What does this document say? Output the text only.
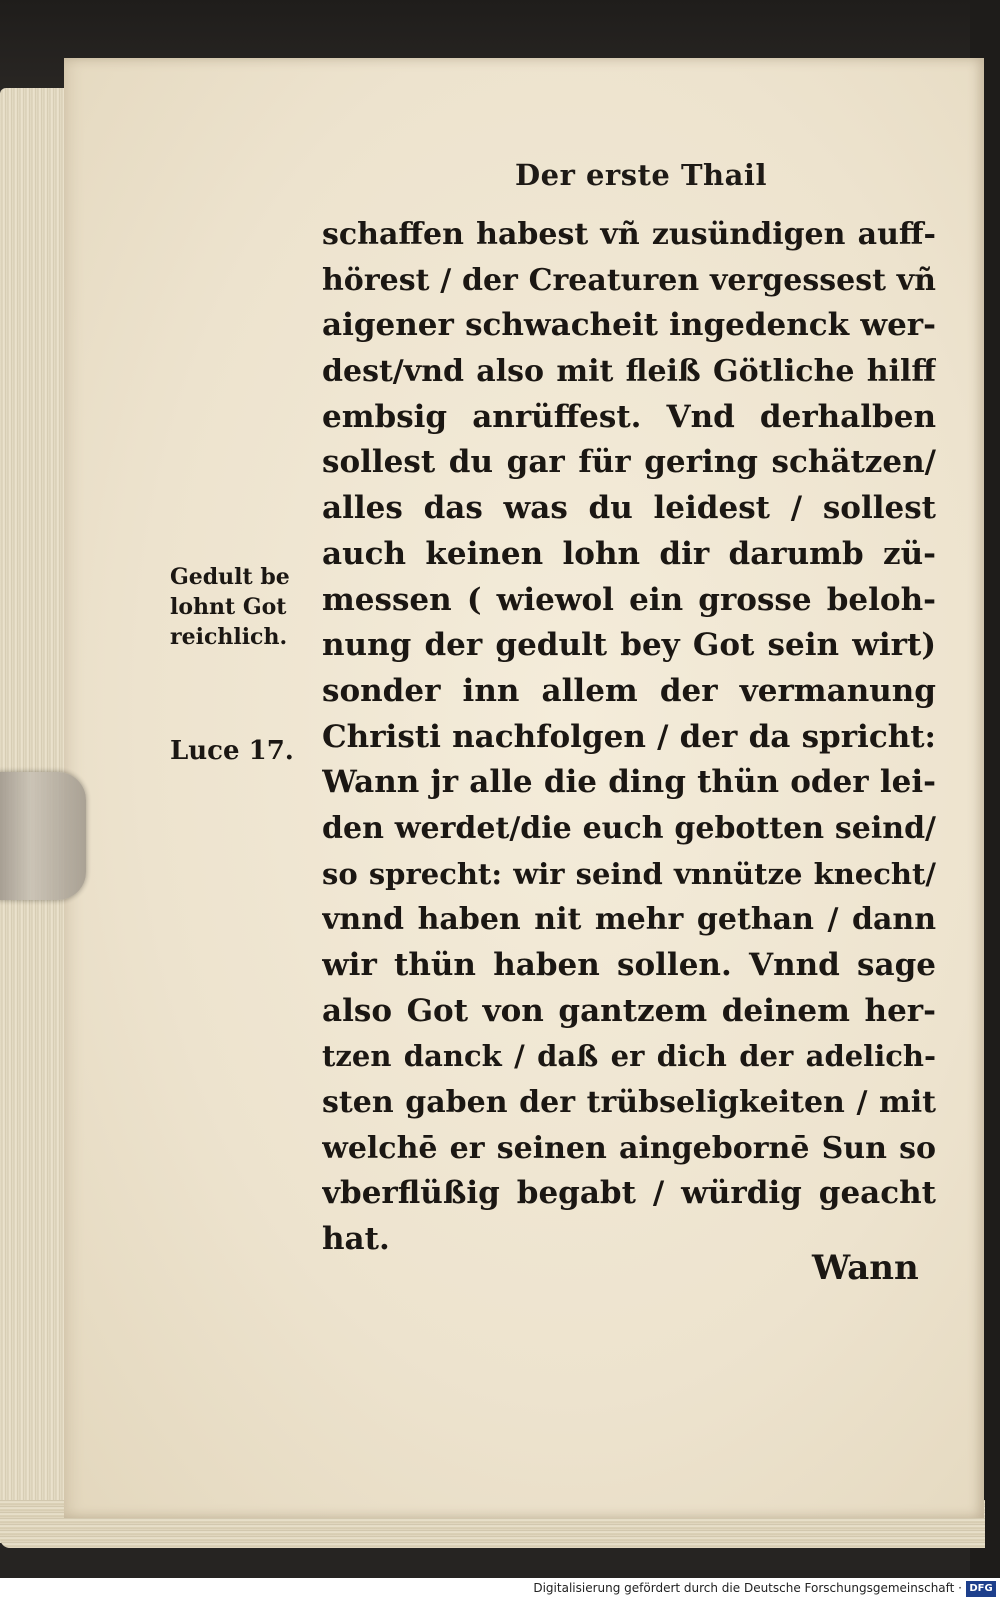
Der erste Thail
Gedult be
lohnt Got
reichlich.
Luce 17.
schaffen habest vñ zusündigen auff-
hörest / der Creaturen vergessest vñ
aigener schwacheit ingedenck wer-
dest/vnd also mit fleiß Götliche hilff
embsig anrüffest. Vnd derhalben
sollest du gar für gering schätzen/
alles das was du leidest / sollest
auch keinen lohn dir darumb zü-
messen ( wiewol ein grosse beloh-
nung der gedult bey Got sein wirt)
sonder inn allem der vermanung
Christi nachfolgen / der da spricht:
Wann jr alle die ding thün oder lei-
den werdet/die euch gebotten seind/
so sprecht: wir seind vnnütze knecht/
vnnd haben nit mehr gethan / dann
wir thün haben sollen. Vnnd sage
also Got von gantzem deinem her-
tzen danck / daß er dich der adelich-
sten gaben der trübseligkeiten / mit
welchē er seinen aingebornē Sun so
vberflüßig begabt / würdig geacht
hat.
Wann
Digitalisierung gefördert durch die Deutsche Forschungsgemeinschaft · DFG
